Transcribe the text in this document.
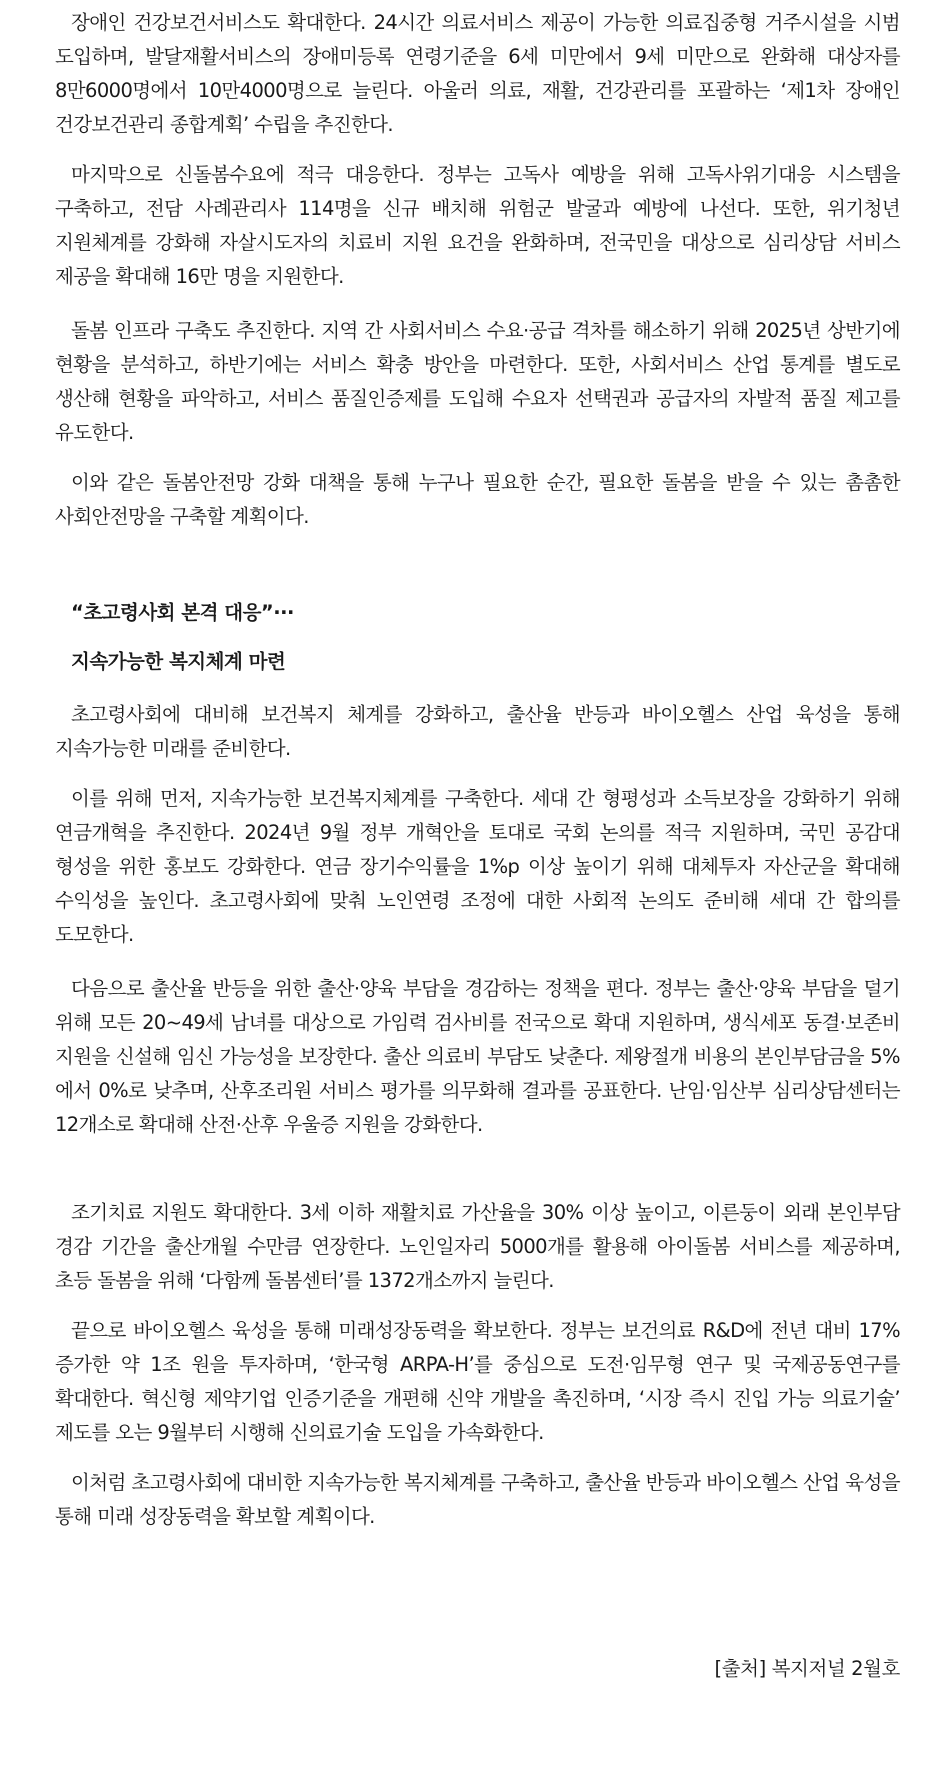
장애인 건강보건서비스도 확대한다. 24시간 의료서비스 제공이 가능한 의료집중형 거주시설을 시범 도입하며, 발달재활서비스의 장애미등록 연령기준을 6세 미만에서 9세 미만으로 완화해 대상자를 8만6000명에서 10만4000명으로 늘린다. 아울러 의료, 재활, 건강관리를 포괄하는 ‘제1차 장애인 건강보건관리 종합계획’ 수립을 추진한다.

마지막으로 신돌봄수요에 적극 대응한다. 정부는 고독사 예방을 위해 고독사위기대응 시스템을 구축하고, 전담 사례관리사 114명을 신규 배치해 위험군 발굴과 예방에 나선다. 또한, 위기청년 지원체계를 강화해 자살시도자의 치료비 지원 요건을 완화하며, 전국민을 대상으로 심리상담 서비스 제공을 확대해 16만 명을 지원한다.

돌봄 인프라 구축도 추진한다. 지역 간 사회서비스 수요·공급 격차를 해소하기 위해 2025년 상반기에 현황을 분석하고, 하반기에는 서비스 확충 방안을 마련한다. 또한, 사회서비스 산업 통계를 별도로 생산해 현황을 파악하고, 서비스 품질인증제를 도입해 수요자 선택권과 공급자의 자발적 품질 제고를 유도한다.

이와 같은 돌봄안전망 강화 대책을 통해 누구나 필요한 순간, 필요한 돌봄을 받을 수 있는 촘촘한 사회안전망을 구축할 계획이다.

“초고령사회 본격 대응”···

지속가능한 복지체계 마련

초고령사회에 대비해 보건복지 체계를 강화하고, 출산율 반등과 바이오헬스 산업 육성을 통해 지속가능한 미래를 준비한다.

이를 위해 먼저, 지속가능한 보건복지체계를 구축한다. 세대 간 형평성과 소득보장을 강화하기 위해 연금개혁을 추진한다. 2024년 9월 정부 개혁안을 토대로 국회 논의를 적극 지원하며, 국민 공감대 형성을 위한 홍보도 강화한다. 연금 장기수익률을 1%p 이상 높이기 위해 대체투자 자산군을 확대해 수익성을 높인다. 초고령사회에 맞춰 노인연령 조정에 대한 사회적 논의도 준비해 세대 간 합의를 도모한다.

다음으로 출산율 반등을 위한 출산·양육 부담을 경감하는 정책을 편다. 정부는 출산·양육 부담을 덜기 위해 모든 20~49세 남녀를 대상으로 가임력 검사비를 전국으로 확대 지원하며, 생식세포 동결·보존비 지원을 신설해 임신 가능성을 보장한다. 출산 의료비 부담도 낮춘다. 제왕절개 비용의 본인부담금을 5%에서 0%로 낮추며, 산후조리원 서비스 평가를 의무화해 결과를 공표한다. 난임·임산부 심리상담센터는 12개소로 확대해 산전·산후 우울증 지원을 강화한다.

조기치료 지원도 확대한다. 3세 이하 재활치료 가산율을 30% 이상 높이고, 이른둥이 외래 본인부담 경감 기간을 출산개월 수만큼 연장한다. 노인일자리 5000개를 활용해 아이돌봄 서비스를 제공하며, 초등 돌봄을 위해 ‘다함께 돌봄센터’를 1372개소까지 늘린다.

끝으로 바이오헬스 육성을 통해 미래성장동력을 확보한다. 정부는 보건의료 R&D에 전년 대비 17% 증가한 약 1조 원을 투자하며, ‘한국형 ARPA-H’를 중심으로 도전·임무형 연구 및 국제공동연구를 확대한다. 혁신형 제약기업 인증기준을 개편해 신약 개발을 촉진하며, ‘시장 즉시 진입 가능 의료기술’ 제도를 오는 9월부터 시행해 신의료기술 도입을 가속화한다.

이처럼 초고령사회에 대비한 지속가능한 복지체계를 구축하고, 출산율 반등과 바이오헬스 산업 육성을 통해 미래 성장동력을 확보할 계획이다.

[출처] 복지저널 2월호
